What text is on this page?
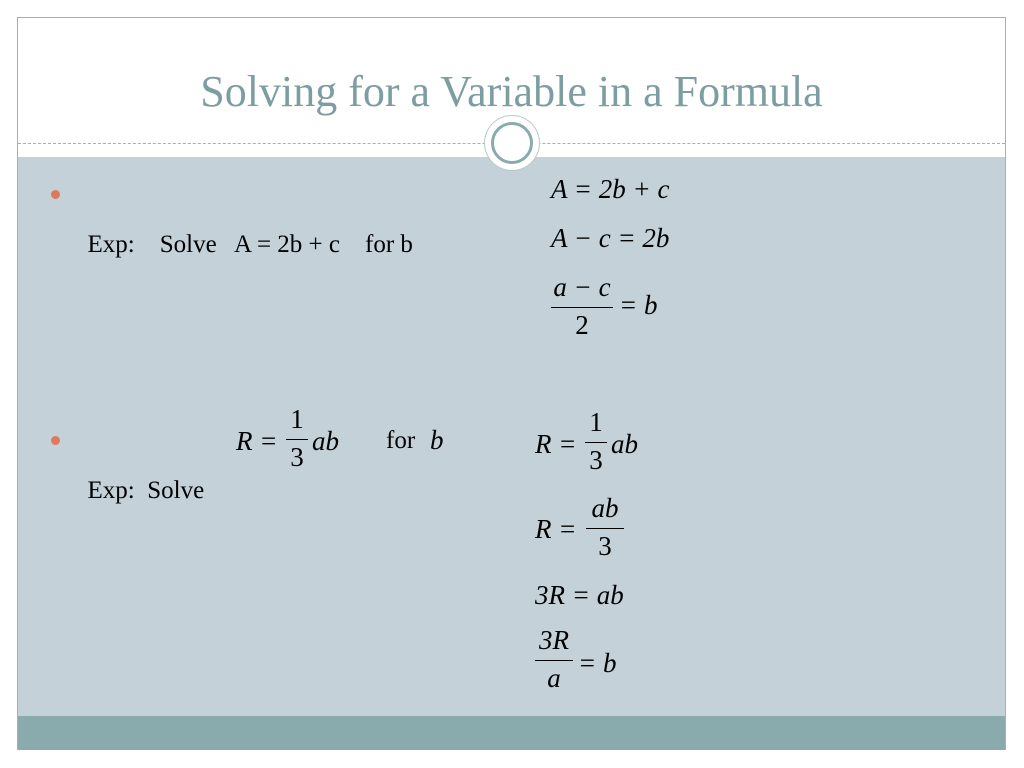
Solving for a Variable in a Formula

Exp:    Solve   A = 2b + c    for b

A = 2b + c
A − c = 2b
a − c
2
= b

Exp:  Solve

R =
1
3
ab for b	R =
1
3
ab
R =
ab
3
3R = ab
3R
a = b
